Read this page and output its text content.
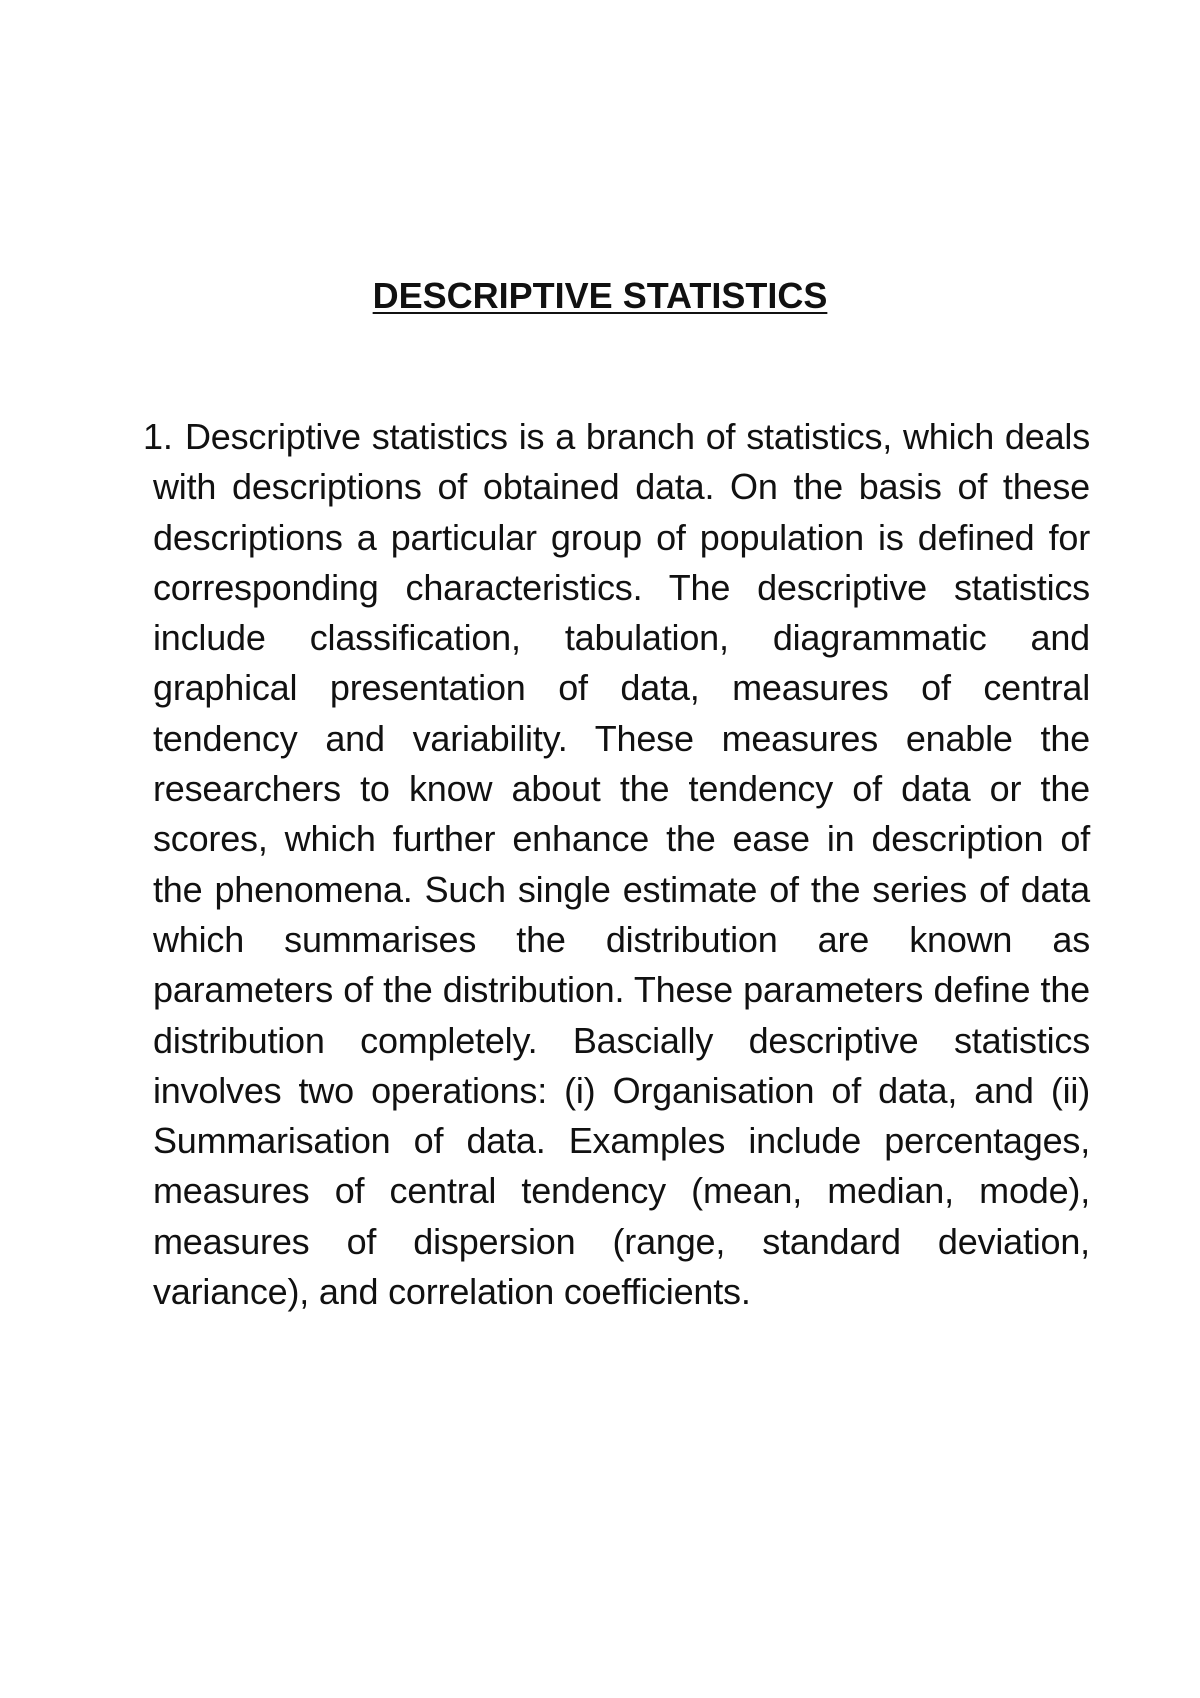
DESCRIPTIVE STATISTICS
1. Descriptive statistics is a branch of statistics, which deals with descriptions of obtained data. On the basis of these descriptions a particular group of population is defined for corresponding characteristics. The descriptive statistics include classification, tabulation, diagrammatic and graphical presentation of data, measures of central tendency and variability. These measures enable the researchers to know about the tendency of data or the scores, which further enhance the ease in description of the phenomena. Such single estimate of the series of data which summarises the distribution are known as parameters of the distribution. These parameters define the distribution completely. Bascially descriptive statistics involves two operations: (i) Organisation of data, and (ii) Summarisation of data. Examples include percentages, measures of central tendency (mean, median, mode), measures of dispersion (range, standard deviation, variance), and correlation coefficients.
